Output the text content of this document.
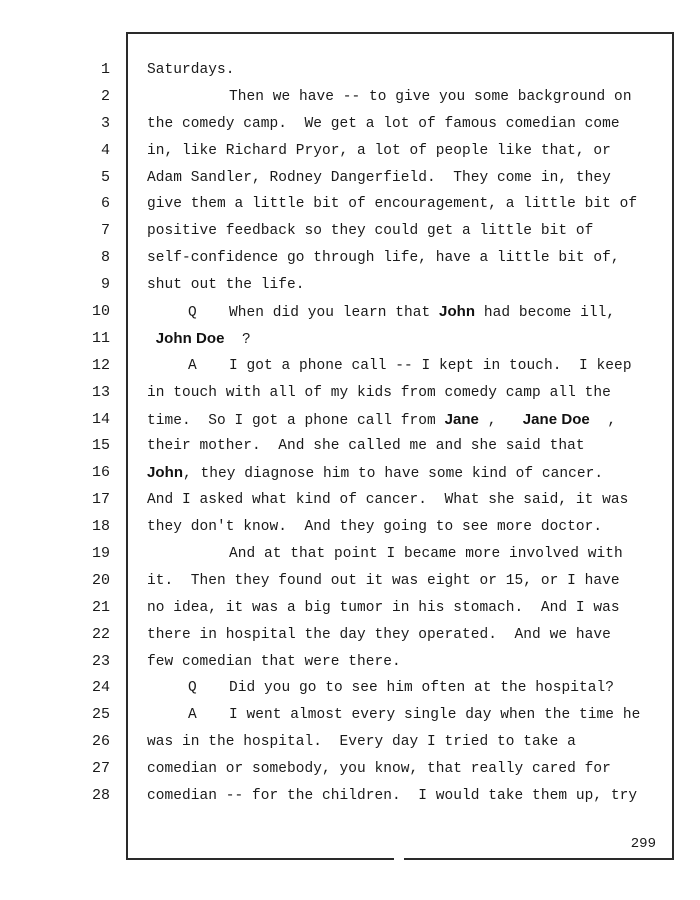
1	Saturdays.
2	Then we have -- to give you some background on
3	the comedy camp.  We get a lot of famous comedian come
4	in, like Richard Pryor, a lot of people like that, or
5	Adam Sandler, Rodney Dangerfield.  They come in, they
6	give them a little bit of encouragement, a little bit of
7	positive feedback so they could get a little bit of
8	self-confidence go through life, have a little bit of,
9	shut out the life.
10	Q When did you learn that John had become ill,
11	John Doe  ?
12	A I got a phone call -- I kept in touch.  I keep
13	in touch with all of my kids from comedy camp all the
14	time.  So I got a phone call from Jane ,   Jane Doe  ,
15	their mother.  And she called me and she said that
16 John, they diagnose him to have some kind of cancer.
17	And I asked what kind of cancer.  What she said, it was
18	they don't know.  And they going to see more doctor.
19	And at that point I became more involved with
20	it.  Then they found out it was eight or 15, or I have
21	no idea, it was a big tumor in his stomach.  And I was
22	there in hospital the day they operated.  And we have
23	few comedian that were there.
24	Q Did you go to see him often at the hospital?
25	A I went almost every single day when the time he
26	was in the hospital.  Every day I tried to take a
27	comedian or somebody, you know, that really cared for
28	comedian -- for the children.  I would take them up, try
299
